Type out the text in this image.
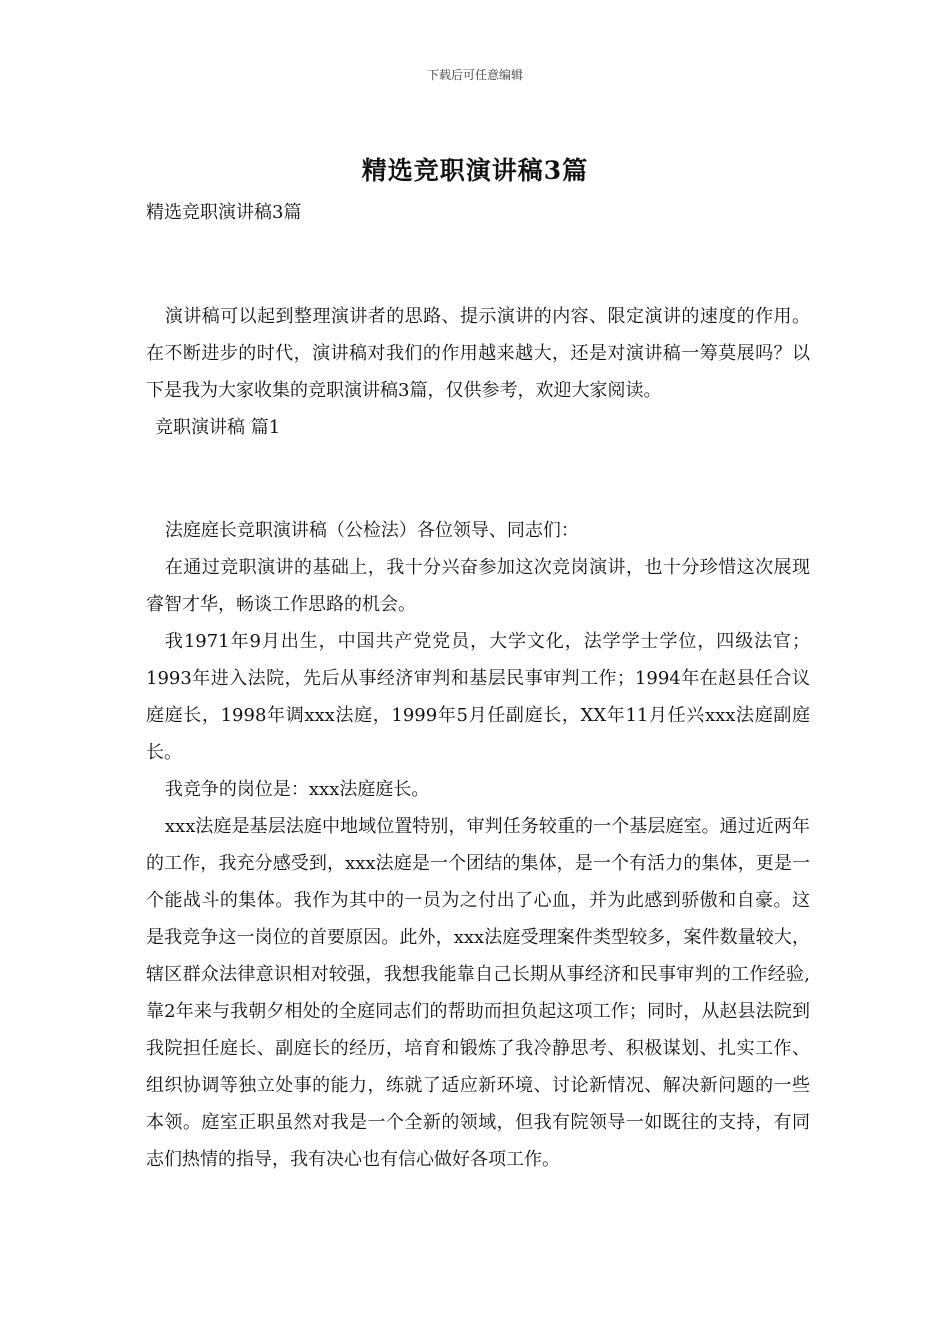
下载后可任意编辑
精选竞职演讲稿3篇
精选竞职演讲稿3篇

演讲稿可以起到整理演讲者的思路、提示演讲的内容、限定演讲的速度的作用。在不断进步的时代，演讲稿对我们的作用越来越大，还是对演讲稿一筹莫展吗？以下是我为大家收集的竞职演讲稿3篇，仅供参考，欢迎大家阅读。

竞职演讲稿 篇1

法庭庭长竞职演讲稿（公检法）各位领导、同志们：

在通过竞职演讲的基础上，我十分兴奋参加这次竞岗演讲，也十分珍惜这次展现睿智才华，畅谈工作思路的机会。

我1971年9月出生，中国共产党党员，大学文化，法学学士学位，四级法官；1993年进入法院，先后从事经济审判和基层民事审判工作；1994年在赵县任合议庭庭长，1998年调xxx法庭，1999年5月任副庭长，XX年11月任兴xxx法庭副庭长。

我竞争的岗位是：xxx法庭庭长。

xxx法庭是基层法庭中地域位置特别，审判任务较重的一个基层庭室。通过近两年的工作，我充分感受到，xxx法庭是一个团结的集体，是一个有活力的集体，更是一个能战斗的集体。我作为其中的一员为之付出了心血，并为此感到骄傲和自豪。这是我竞争这一岗位的首要原因。此外，xxx法庭受理案件类型较多，案件数量较大，辖区群众法律意识相对较强，我想我能靠自己长期从事经济和民事审判的工作经验,靠2年来与我朝夕相处的全庭同志们的帮助而担负起这项工作；同时，从赵县法院到我院担任庭长、副庭长的经历，培育和锻炼了我冷静思考、积极谋划、扎实工作、组织协调等独立处事的能力，练就了适应新环境、讨论新情况、解决新问题的一些本领。庭室正职虽然对我是一个全新的领域，但我有院领导一如既往的支持，有同志们热情的指导，我有决心也有信心做好各项工作。
